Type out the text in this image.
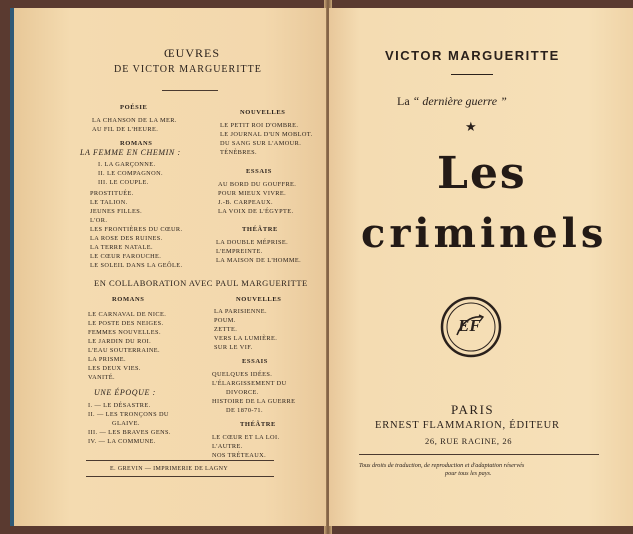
ŒUVRES
DE VICTOR MARGUERITTE
POÉSIE
LA CHANSON DE LA MER.
AU FIL DE L'HEURE.
ROMANS
LA FEMME EN CHEMIN :
I. LA GARÇONNE.
II. LE COMPAGNON.
III. LE COUPLE.
PROSTITUÉE.
LE TALION.
JEUNES FILLES.
L'OR.
LES FRONTIÈRES DU CŒUR.
LA ROSE DES RUINES.
LA TERRE NATALE.
LE CŒUR FAROUCHE.
LE SOLEIL DANS LA GEÔLE.
NOUVELLES
LE PETIT ROI D'OMBRE.
LE JOURNAL D'UN MOBLOT.
DU SANG SUR L'AMOUR.
TÉNÈBRES.
ESSAIS
AU BORD DU GOUFFRE.
POUR MIEUX VIVRE.
J.-B. CARPEAUX.
LA VOIX DE L'ÉGYPTE.
THÉÂTRE
LA DOUBLE MÉPRISE.
L'EMPREINTE.
LA MAISON DE L'HOMME.
EN COLLABORATION AVEC PAUL MARGUERITTE
ROMANS
LE CARNAVAL DE NICE.
LE POSTE DES NEIGES.
FEMMES NOUVELLES.
LE JARDIN DU ROI.
L'EAU SOUTERRAINE.
LA PRISME.
LES DEUX VIES.
VANITÉ.
UNE ÉPOQUE :
I. — LE DÉSASTRE.
II. — LES TRONÇONS DU
GLAIVE.
III. — LES BRAVES GENS.
IV. — LA COMMUNE.
NOUVELLES
LA PARISIENNE.
POUM.
ZETTE.
VERS LA LUMIÈRE.
SUR LE VIF.
ESSAIS
QUELQUES IDÉES.
L'ÉLARGISSEMENT DU
DIVORCE.
HISTOIRE DE LA GUERRE
DE 1870-71.
THÉÂTRE
LE CŒUR ET LA LOI.
L'AUTRE.
NOS TRÉTEAUX.
E. GREVIN — IMPRIMERIE DE LAGNY
VICTOR MARGUERITTE
La “ dernière guerre ”
★
Les
criminels
EF
PARIS
ERNEST FLAMMARION, ÉDITEUR
26, RUE RACINE, 26
Tous droits de traduction, de reproduction et d'adaptation réservés
pour tous les pays.
